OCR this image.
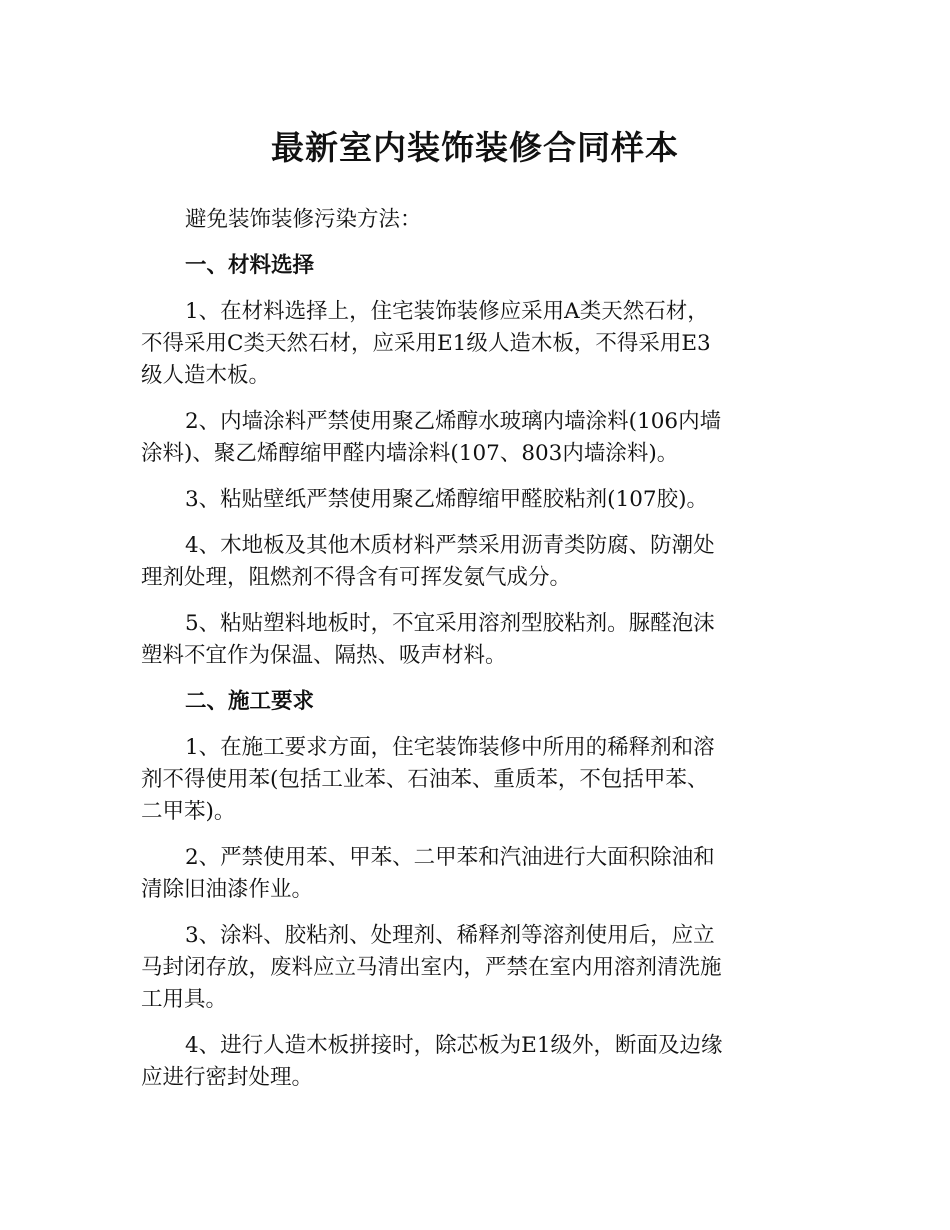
最新室内装饰装修合同样本
避免装饰装修污染方法：
一、材料选择
1、在材料选择上，住宅装饰装修应采用A类天然石材，
不得采用C类天然石材，应采用E1级人造木板，不得采用E3
级人造木板。
2、内墙涂料严禁使用聚乙烯醇水玻璃内墙涂料(106内墙
涂料)、聚乙烯醇缩甲醛内墙涂料(107、803内墙涂料)。
3、粘贴壁纸严禁使用聚乙烯醇缩甲醛胶粘剂(107胶)。
4、木地板及其他木质材料严禁采用沥青类防腐、防潮处
理剂处理，阻燃剂不得含有可挥发氨气成分。
5、粘贴塑料地板时，不宜采用溶剂型胶粘剂。脲醛泡沫
塑料不宜作为保温、隔热、吸声材料。
二、施工要求
1、在施工要求方面，住宅装饰装修中所用的稀释剂和溶
剂不得使用苯(包括工业苯、石油苯、重质苯，不包括甲苯、
二甲苯)。
2、严禁使用苯、甲苯、二甲苯和汽油进行大面积除油和
清除旧油漆作业。
3、涂料、胶粘剂、处理剂、稀释剂等溶剂使用后，应立
马封闭存放，废料应立马清出室内，严禁在室内用溶剂清洗施
工用具。
4、进行人造木板拼接时，除芯板为E1级外，断面及边缘
应进行密封处理。
